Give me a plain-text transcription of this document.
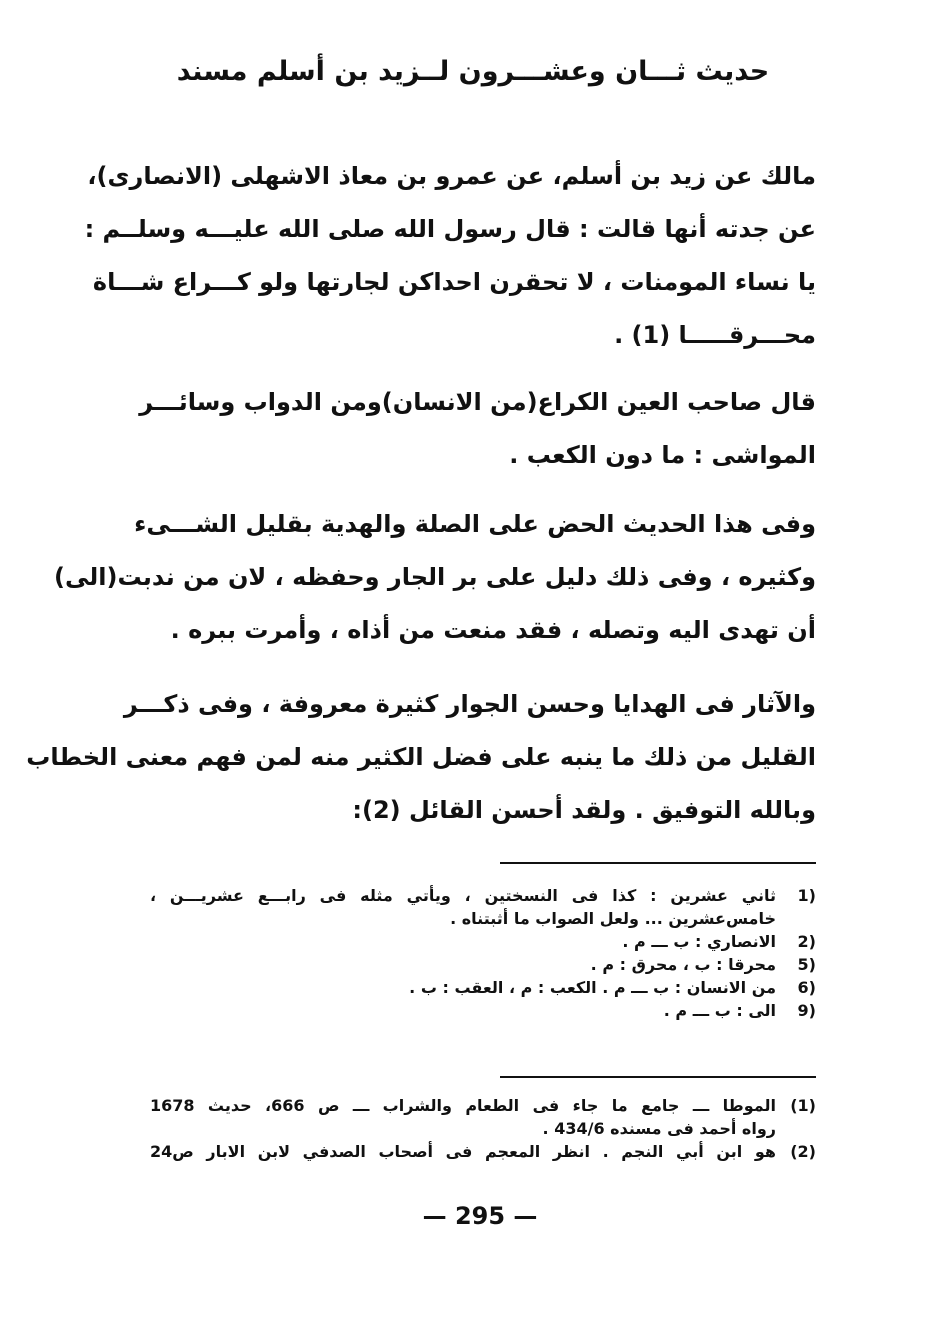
حديث ثـــان وعشـــرون لــزيد بن أسلم مسند
مالك عن زيد بن أسلم، عن عمرو بن معاذ الاشهلى (الانصارى)،
عن جدته أنها قالت : قال رسول الله صلى الله عليـــه وسلــم :
يا نساء المومنات ، لا تحقرن احداكن لجارتها ولو كـــراع شـــاة
محـــرقـــــا (1) .
قال صاحب العين الكراع(من الانسان)ومن الدواب وسائـــر
المواشى : ما دون الكعب .
وفى هذا الحديث الحض على الصلة والهدية بقليل الشـــىء
وكثيره ، وفى ذلك دليل على بر الجار وحفظه ، لان من ندبت(الى)
أن تهدى اليه وتصله ، فقد منعت من أذاه ، وأمرت ببره .
والآثار فى الهدايا وحسن الجوار كثيرة معروفة ، وفى ذكـــر
القليل من ذلك ما ينبه على فضل الكثير منه لمن فهم معنى الخطاب
وبالله التوفيق . ولقد أحسن القائل (2):
1)
ثاني عشرين : كذا فى النسختين ، ويأتي مثله فى رابـــع عشريـــن ،
خامس‌عشرين ... ولعل الصواب ما أثبتناه .
2)
الانصاري : ب ـــ م .
5)
محرقا : ب ، محرق : م .
6)
من الانسان : ب ـــ م . الكعب : م ، العقب : ب .
9)
الى : ب ـــ م .
(1)
الموطا ـــ جامع ما جاء فى الطعام والشراب ـــ ص 666، حديث 1678
رواه أحمد فى مسنده 434/6 .
(2)
هو ابن أبي النجم . انظر المعجم فى أصحاب الصدفي لابن الابار ص24
— 295 —
